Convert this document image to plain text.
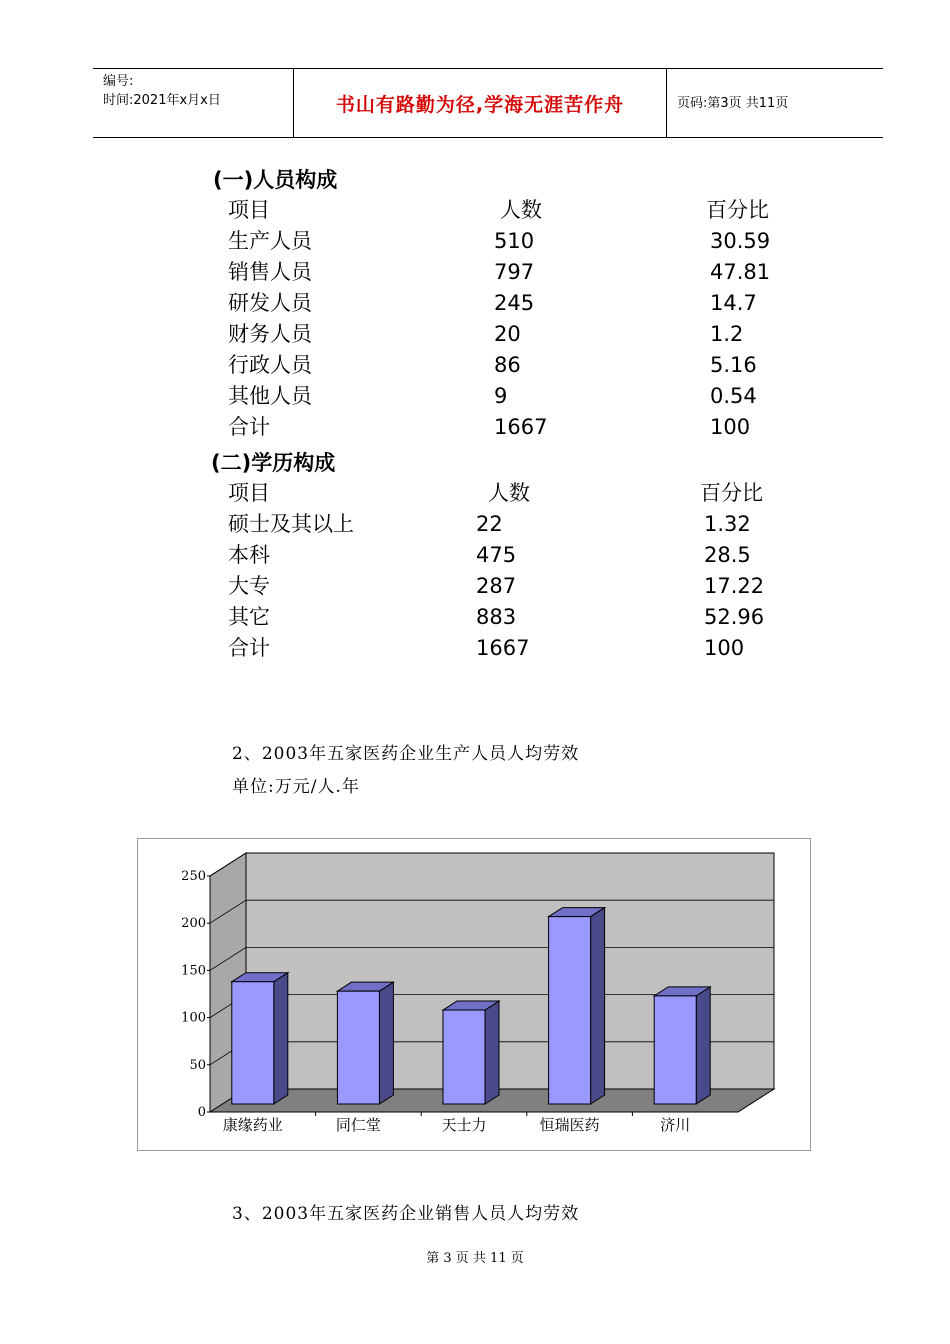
编号:
时间:2021年x月x日	书山有路勤为径,学海无涯苦作舟	页码:第3页 共11页
(一)人员构成
项目	人数	百分比
生产人员	510	30.59
销售人员	797	47.81
研发人员	245	14.7
财务人员	20	1.2
行政人员	86	5.16
其他人员	9	0.54
合计	1667	100
(二)学历构成
项目	人数	百分比
硕士及其以上	22	1.32
本科	475	28.5
大专	287	17.22
其它	883	52.96
合计	1667	100
2、2003年五家医药企业生产人员人均劳效
单位:万元/人.年
0
50
100
150
200
250
康缘药业	同仁堂	天士力	恒瑞医药	济川
3、2003年五家医药企业销售人员人均劳效
第 3 页 共 11 页
